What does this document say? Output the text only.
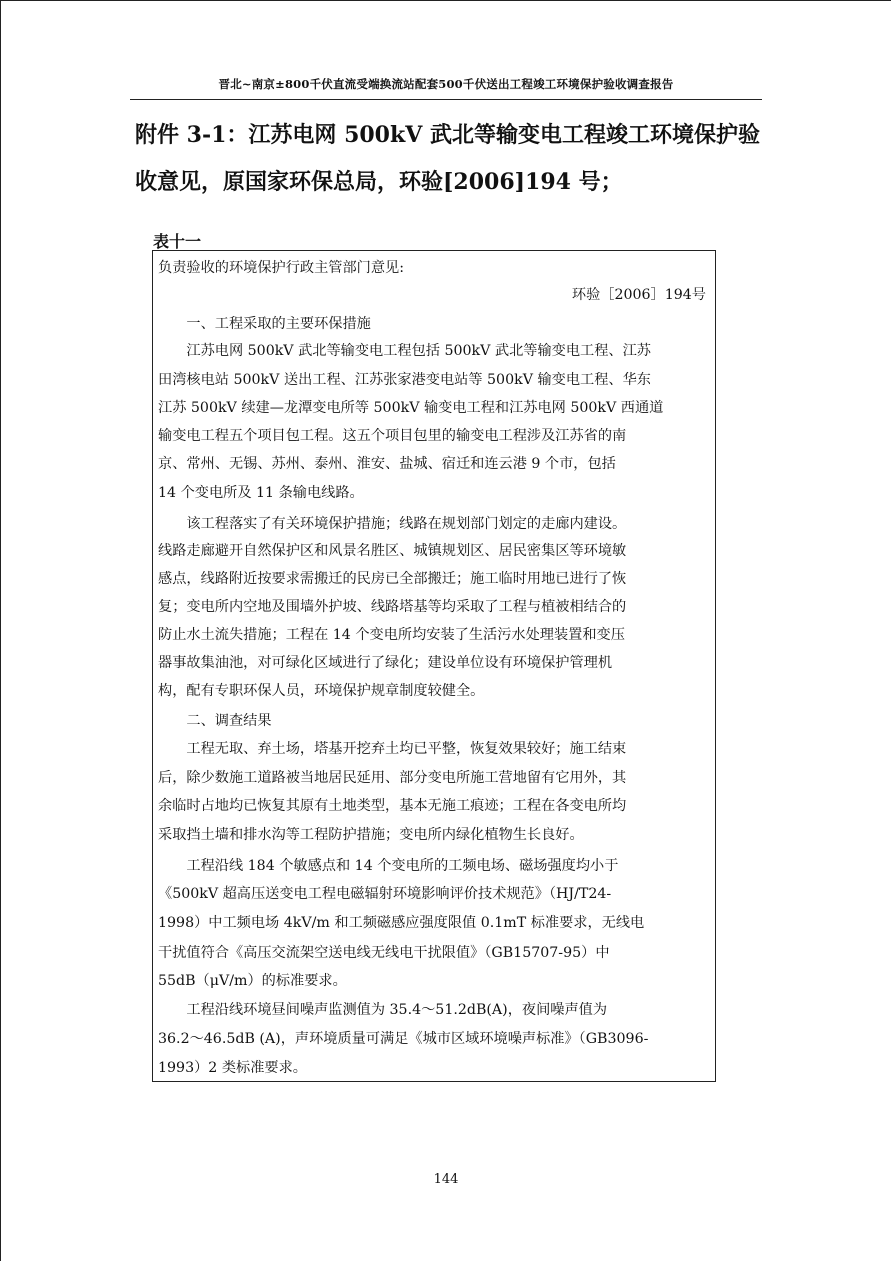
晋北~南京±800千伏直流受端换流站配套500千伏送出工程竣工环境保护验收调查报告
附件 3-1：江苏电网 500kV 武北等输变电工程竣工环境保护验
收意见，原国家环保总局，环验[2006]194 号；
表十一
负责验收的环境保护行政主管部门意见:
环验［2006］194号
　　一、工程采取的主要环保措施
　　江苏电网 500kV 武北等输变电工程包括 500kV 武北等输变电工程、江苏
田湾核电站 500kV 送出工程、江苏张家港变电站等 500kV 输变电工程、华东
江苏 500kV 续建—龙潭变电所等 500kV 输变电工程和江苏电网 500kV 西通道
输变电工程五个项目包工程。这五个项目包里的输变电工程涉及江苏省的南
京、常州、无锡、苏州、泰州、淮安、盐城、宿迁和连云港 9 个市，包括
14 个变电所及 11 条输电线路。
　　该工程落实了有关环境保护措施；线路在规划部门划定的走廊内建设。
线路走廊避开自然保护区和风景名胜区、城镇规划区、居民密集区等环境敏
感点，线路附近按要求需搬迁的民房已全部搬迁；施工临时用地已进行了恢
复；变电所内空地及围墙外护坡、线路塔基等均采取了工程与植被相结合的
防止水土流失措施；工程在 14 个变电所均安装了生活污水处理装置和变压
器事故集油池，对可绿化区域进行了绿化；建设单位设有环境保护管理机
构，配有专职环保人员，环境保护规章制度较健全。
　　二、调查结果
　　工程无取、弃土场，塔基开挖弃土均已平整，恢复效果较好；施工结束
后，除少数施工道路被当地居民延用、部分变电所施工营地留有它用外，其
余临时占地均已恢复其原有土地类型，基本无施工痕迹；工程在各变电所均
采取挡土墙和排水沟等工程防护措施；变电所内绿化植物生长良好。
　　工程沿线 184 个敏感点和 14 个变电所的工频电场、磁场强度均小于
《500kV 超高压送变电工程电磁辐射环境影响评价技术规范》（HJ/T24-
1998）中工频电场 4kV/m 和工频磁感应强度限值 0.1mT 标准要求，无线电
干扰值符合《高压交流架空送电线无线电干扰限值》（GB15707-95）中
55dB（μV/m）的标准要求。
　　工程沿线环境昼间噪声监测值为 35.4～51.2dB(A)，夜间噪声值为
36.2～46.5dB (A)，声环境质量可满足《城市区域环境噪声标准》（GB3096-
1993）2 类标准要求。
144
